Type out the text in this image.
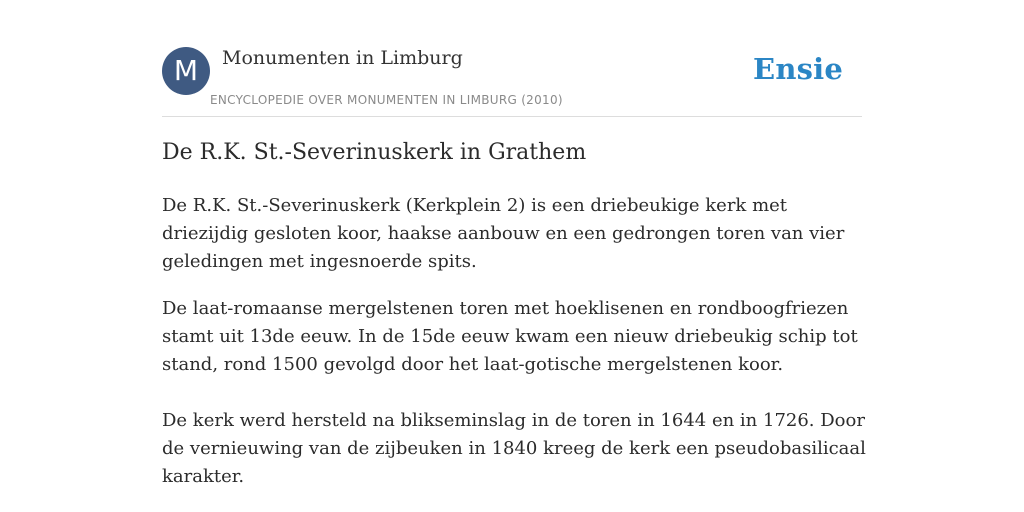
M	Monumenten in Limburg
ENCYCLOPEDIE OVER MONUMENTEN IN LIMBURG (2010)
Ensie
De R.K. St.-Severinuskerk in Grathem

De R.K. St.-Severinuskerk (Kerkplein 2) is een driebeukige kerk met driezijdig gesloten koor, haakse aanbouw en een gedrongen toren van vier geledingen met ingesnoerde spits.

De laat-romaanse mergelstenen toren met hoeklisenen en rondboogfriezen stamt uit 13de eeuw. In de 15de eeuw kwam een nieuw driebeukig schip tot stand, rond 1500 gevolgd door het laat-gotische mergelstenen koor.

De kerk werd hersteld na blikseminslag in de toren in 1644 en in 1726. Door de vernieuwing van de zijbeuken in 1840 kreeg de kerk een pseudobasilicaal karakter.
